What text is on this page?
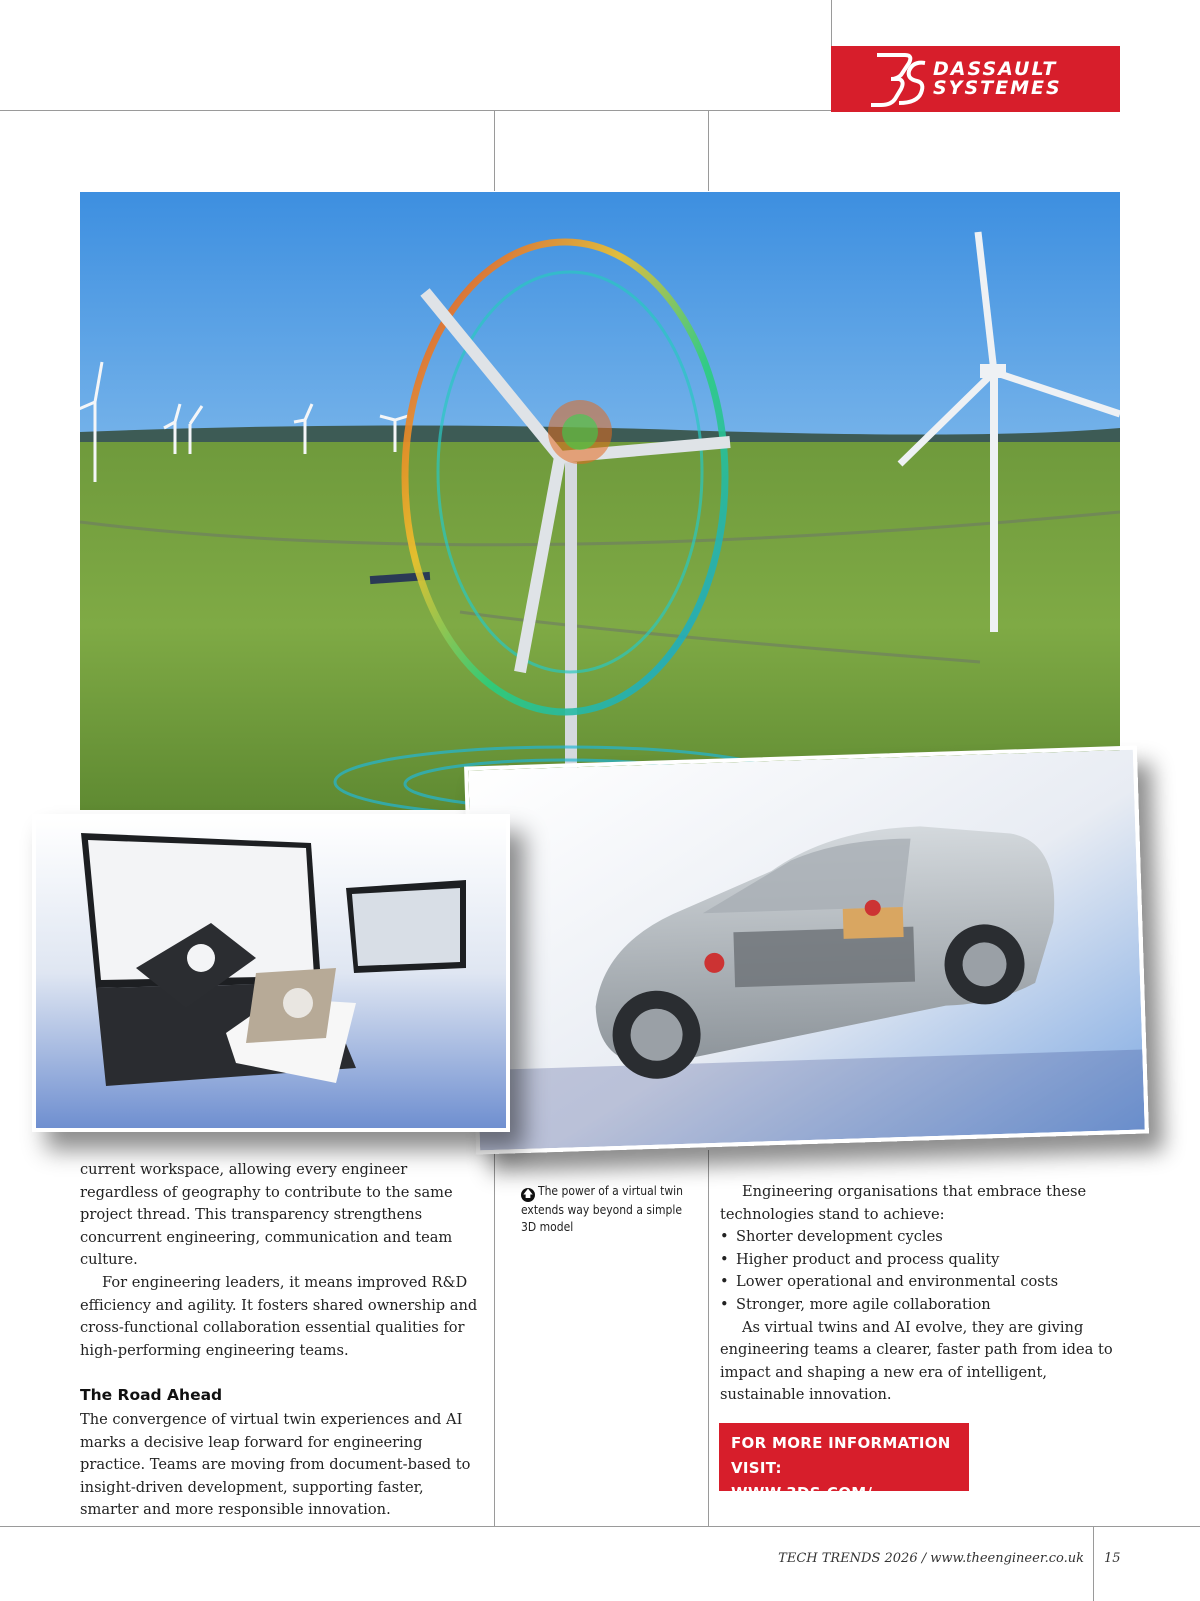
DASSAULT
SYSTEMES

current workspace, allowing every engineer regardless of geography to contribute to the same project thread. This transparency strengthens concurrent engineering, communication and team culture.

For engineering leaders, it means improved R&D efficiency and agility. It fosters shared ownership and cross-functional collaboration essential qualities for high-performing engineering teams.

The Road Ahead

The convergence of virtual twin experiences and AI marks a decisive leap forward for engineering practice. Teams are moving from document-based to insight-driven development, supporting faster, smarter and more responsible innovation.

🡅 The power of a virtual twin extends way beyond a simple 3D model

Engineering organisations that embrace these technologies stand to achieve:

• Shorter development cycles
• Higher product and process quality
• Lower operational and environmental costs
• Stronger, more agile collaboration

As virtual twins and AI evolve, they are giving engineering teams a clearer, faster path from idea to impact and shaping a new era of intelligent, sustainable innovation.

FOR MORE INFORMATION VISIT:
WWW.3DS.COM/
TECH TRENDS 2026 / www.theengineer.co.uk 15
